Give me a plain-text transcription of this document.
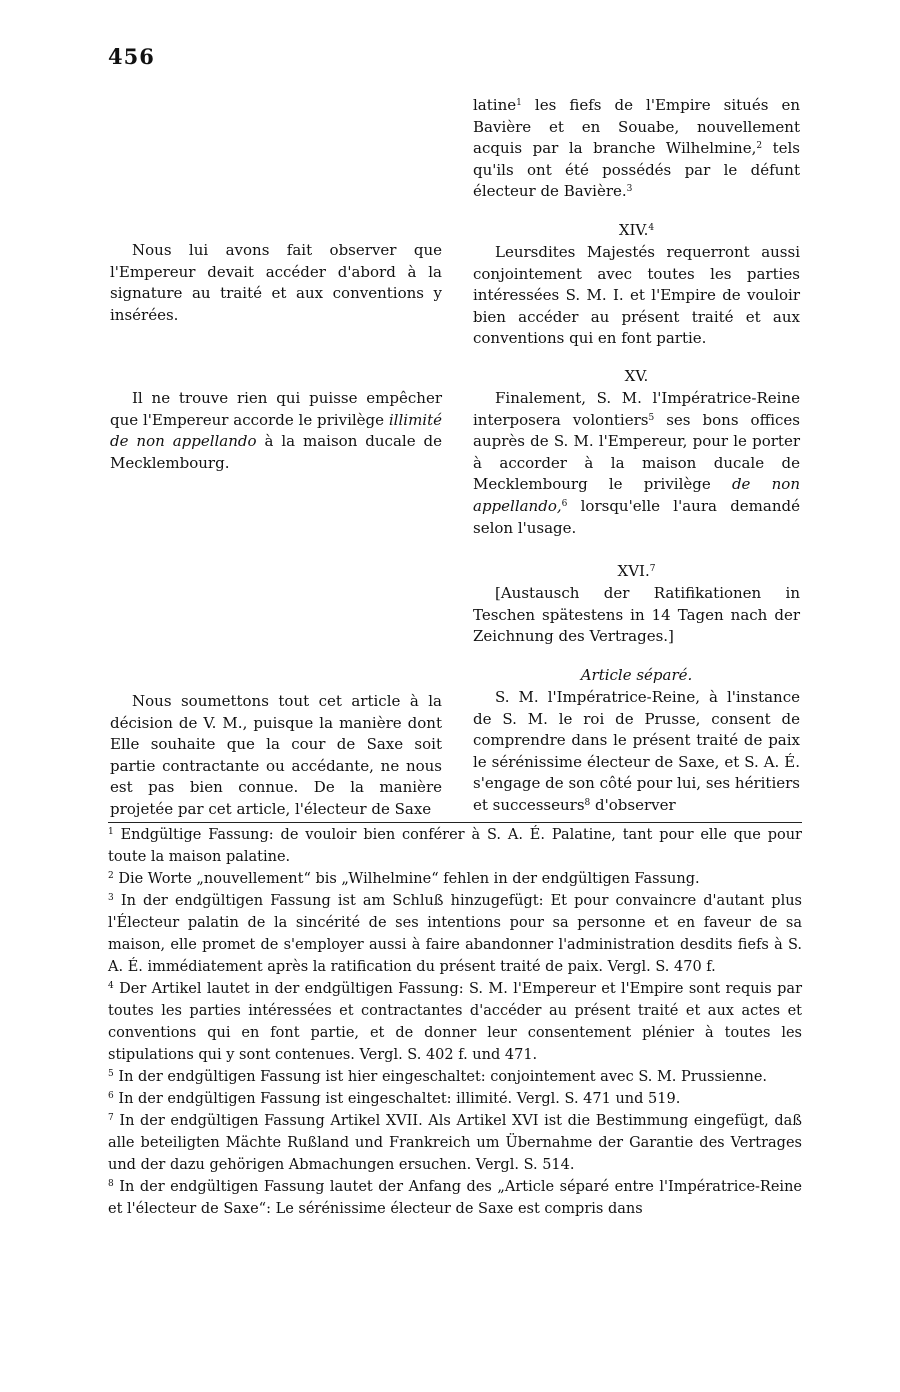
456

latine$^1$ les fiefs de l'Empire situés en Bavière et en Souabe, nouvellement acquis par la branche Wilhelmine,$^2$ tels qu'ils ont été possédés par le défunt électeur de Bavière.$^3$

XIV.$^4$

Leursdites Majestés requerront aussi conjointement avec toutes les parties intéressées S. M. I. et l'Empire de vouloir bien accéder au présent traité et aux conventions qui en font partie.

XV.

Finalement, S. M. l'Impératrice-Reine interposera volontiers$^5$ ses bons offices auprès de S. M. l'Empereur, pour le porter à accorder à la maison ducale de Mecklembourg le privilège de non appellando,$^6$ lorsqu'elle l'aura demandé selon l'usage.

XVI.$^7$

[Austausch der Ratifikationen in Teschen spätestens in 14 Tagen nach der Zeichnung des Vertrages.]

Article séparé.

S. M. l'Impératrice-Reine, à l'instance de S. M. le roi de Prusse, consent de comprendre dans le présent traité de paix le sérénissime électeur de Saxe, et S. A. É. s'engage de son côté pour lui, ses héritiers et successeurs$^8$ d'observer

Nous lui avons fait observer que l'Empereur devait accéder d'abord à la signature au traité et aux conventions y insérées.

Il ne trouve rien qui puisse empêcher que l'Empereur accorde le privilège illimité de non appellando à la maison ducale de Mecklembourg.

Nous soumettons tout cet article à la décision de V. M., puisque la manière dont Elle souhaite que la cour de Saxe soit partie contractante ou accédante, ne nous est pas bien connue. De la manière projetée par cet article, l'électeur de Saxe

$^1$ Endgültige Fassung: de vouloir bien conférer à S. A. É. Palatine, tant pour elle que pour toute la maison palatine.

$^2$ Die Worte „nouvellement“ bis „Wilhelmine“ fehlen in der endgültigen Fassung.

$^3$ In der endgültigen Fassung ist am Schluß hinzugefügt: Et pour convaincre d'autant plus l'Électeur palatin de la sincérité de ses intentions pour sa personne et en faveur de sa maison, elle promet de s'employer aussi à faire abandonner l'administration desdits fiefs à S. A. É. immédiatement après la ratification du présent traité de paix. Vergl. S. 470 f.

$^4$ Der Artikel lautet in der endgültigen Fassung: S. M. l'Empereur et l'Empire sont requis par toutes les parties intéressées et contractantes d'accéder au présent traité et aux actes et conventions qui en font partie, et de donner leur consentement plénier à toutes les stipulations qui y sont contenues. Vergl. S. 402 f. und 471.

$^5$ In der endgültigen Fassung ist hier eingeschaltet: conjointement avec S. M. Prussienne.

$^6$ In der endgültigen Fassung ist eingeschaltet: illimité. Vergl. S. 471 und 519.

$^7$ In der endgültigen Fassung Artikel XVII. Als Artikel XVI ist die Bestimmung eingefügt, daß alle beteiligten Mächte Rußland und Frankreich um Übernahme der Garantie des Vertrages und der dazu gehörigen Abmachungen ersuchen. Vergl. S. 514.

$^8$ In der endgültigen Fassung lautet der Anfang des „Article séparé entre l'Impératrice-Reine et l'électeur de Saxe“: Le sérénissime électeur de Saxe est compris dans
